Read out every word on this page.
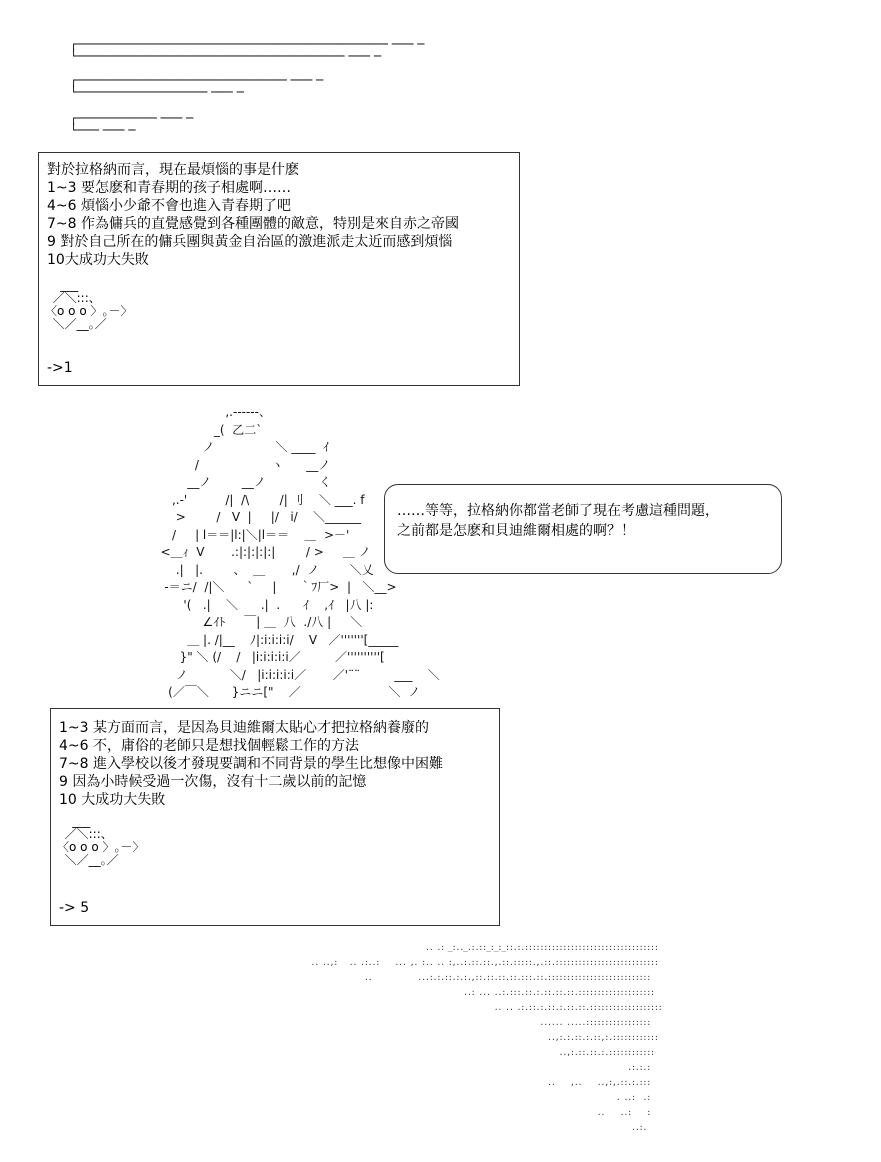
┌─────────────────────────────────────────── ─── ─
└───────────────────────────────────── ─── ─
┌───────────────────────────── ─── ─
└────────────────── ─── ─
┌─────────── ─── ─
└─── ─── ─
對於拉格納而言，現在最煩惱的事是什麽
1~3 要怎麽和青春期的孩子相處啊……
4~6 煩惱小少爺不會也進入青春期了吧
7~8 作為傭兵的直覺感覺到各種團體的敵意，特別是來自赤之帝國
9 對於自己所在的傭兵團與黃金自治區的激進派走太近而感到煩惱
10大成功大失敗
___
／＼:::、
〈o o o 〉｡－〉
＼／__｡／
->1
,.-‐‐‐‐-、
_(  乙二`
ノ                ＼ ____  ｲ
/                   ヽ      __ノ
__ノ        __ノ              く
,.-'          /|  /\        /| 刂    ＼ ___. f
>        /   V  |     |/   i/    ＼______
/     | l＝＝|l:|＼|l＝＝    ＿  >－'
<＿ｨ  V       .:|:|:|:|:|        / >     ＿ ノ
.|   |.        、  ＿       ,/  ノ        ＼乂
-＝ニ/  /|＼      `     |      ｀ﾌ厂>  |   ＼__>
'(   .|    ＼      .|  .      ｲ    ,ｲ   |八 |:
∠ｲﾄ     ￣| ＿  八  ./八 |     ＼
＿ |. /|__    ﾉ|:i:i:i:i/    V   ／'''''''[_____
}" ＼ (/    /   |i:i:i:i:i／         ／''''''''''[
ノ           ＼/   |i:i:i:i:i／       ／'¨¨         ___    ＼
(／￣＼      }ニニ["    ／                       ＼  ノ
……等等，拉格納你都當老師了現在考慮這種問題，
之前都是怎麽和貝迪維爾相處的啊？！
1~3 某方面而言，是因為貝迪維爾太貼心才把拉格納養廢的
4~6 不，庸俗的老師只是想找個輕鬆工作的方法
7~8 進入學校以後才發現要調和不同背景的學生比想像中困難
9 因為小時候受過一次傷，沒有十二歲以前的記憶
10 大成功大失敗
___
／＼:::、
〈o o o 〉｡－〉
＼／__｡／
-> 5
.. .: _:.._.:.::_:_:_::.:.:::::::::::::::::::::::::::::::::::
.. ..,:   .. .:..:    ... ,. :.. .. :,..:.::.::.,.::.:::::.,.::.:::::::::::::::::::::::::::
..            ...:.:.::.:.:.,::.::.::.::.:::.::.:::::::::::::::::::::::::::
..: ... ..:.:::.::.:.::.::.::.::::::::::::::::::::
.. .. .:.::.:.::.:.::.::.:::::::::::::::::::
...... .....:::::::::::::::::
..,:.:.::.:.::,:.::::::::::::
..,:.::.::.:.::::::::::::
.:.:.:
..    ,..    ..,:,.::.:.:::
. ..:  .:
..    ..:    :
..:.
